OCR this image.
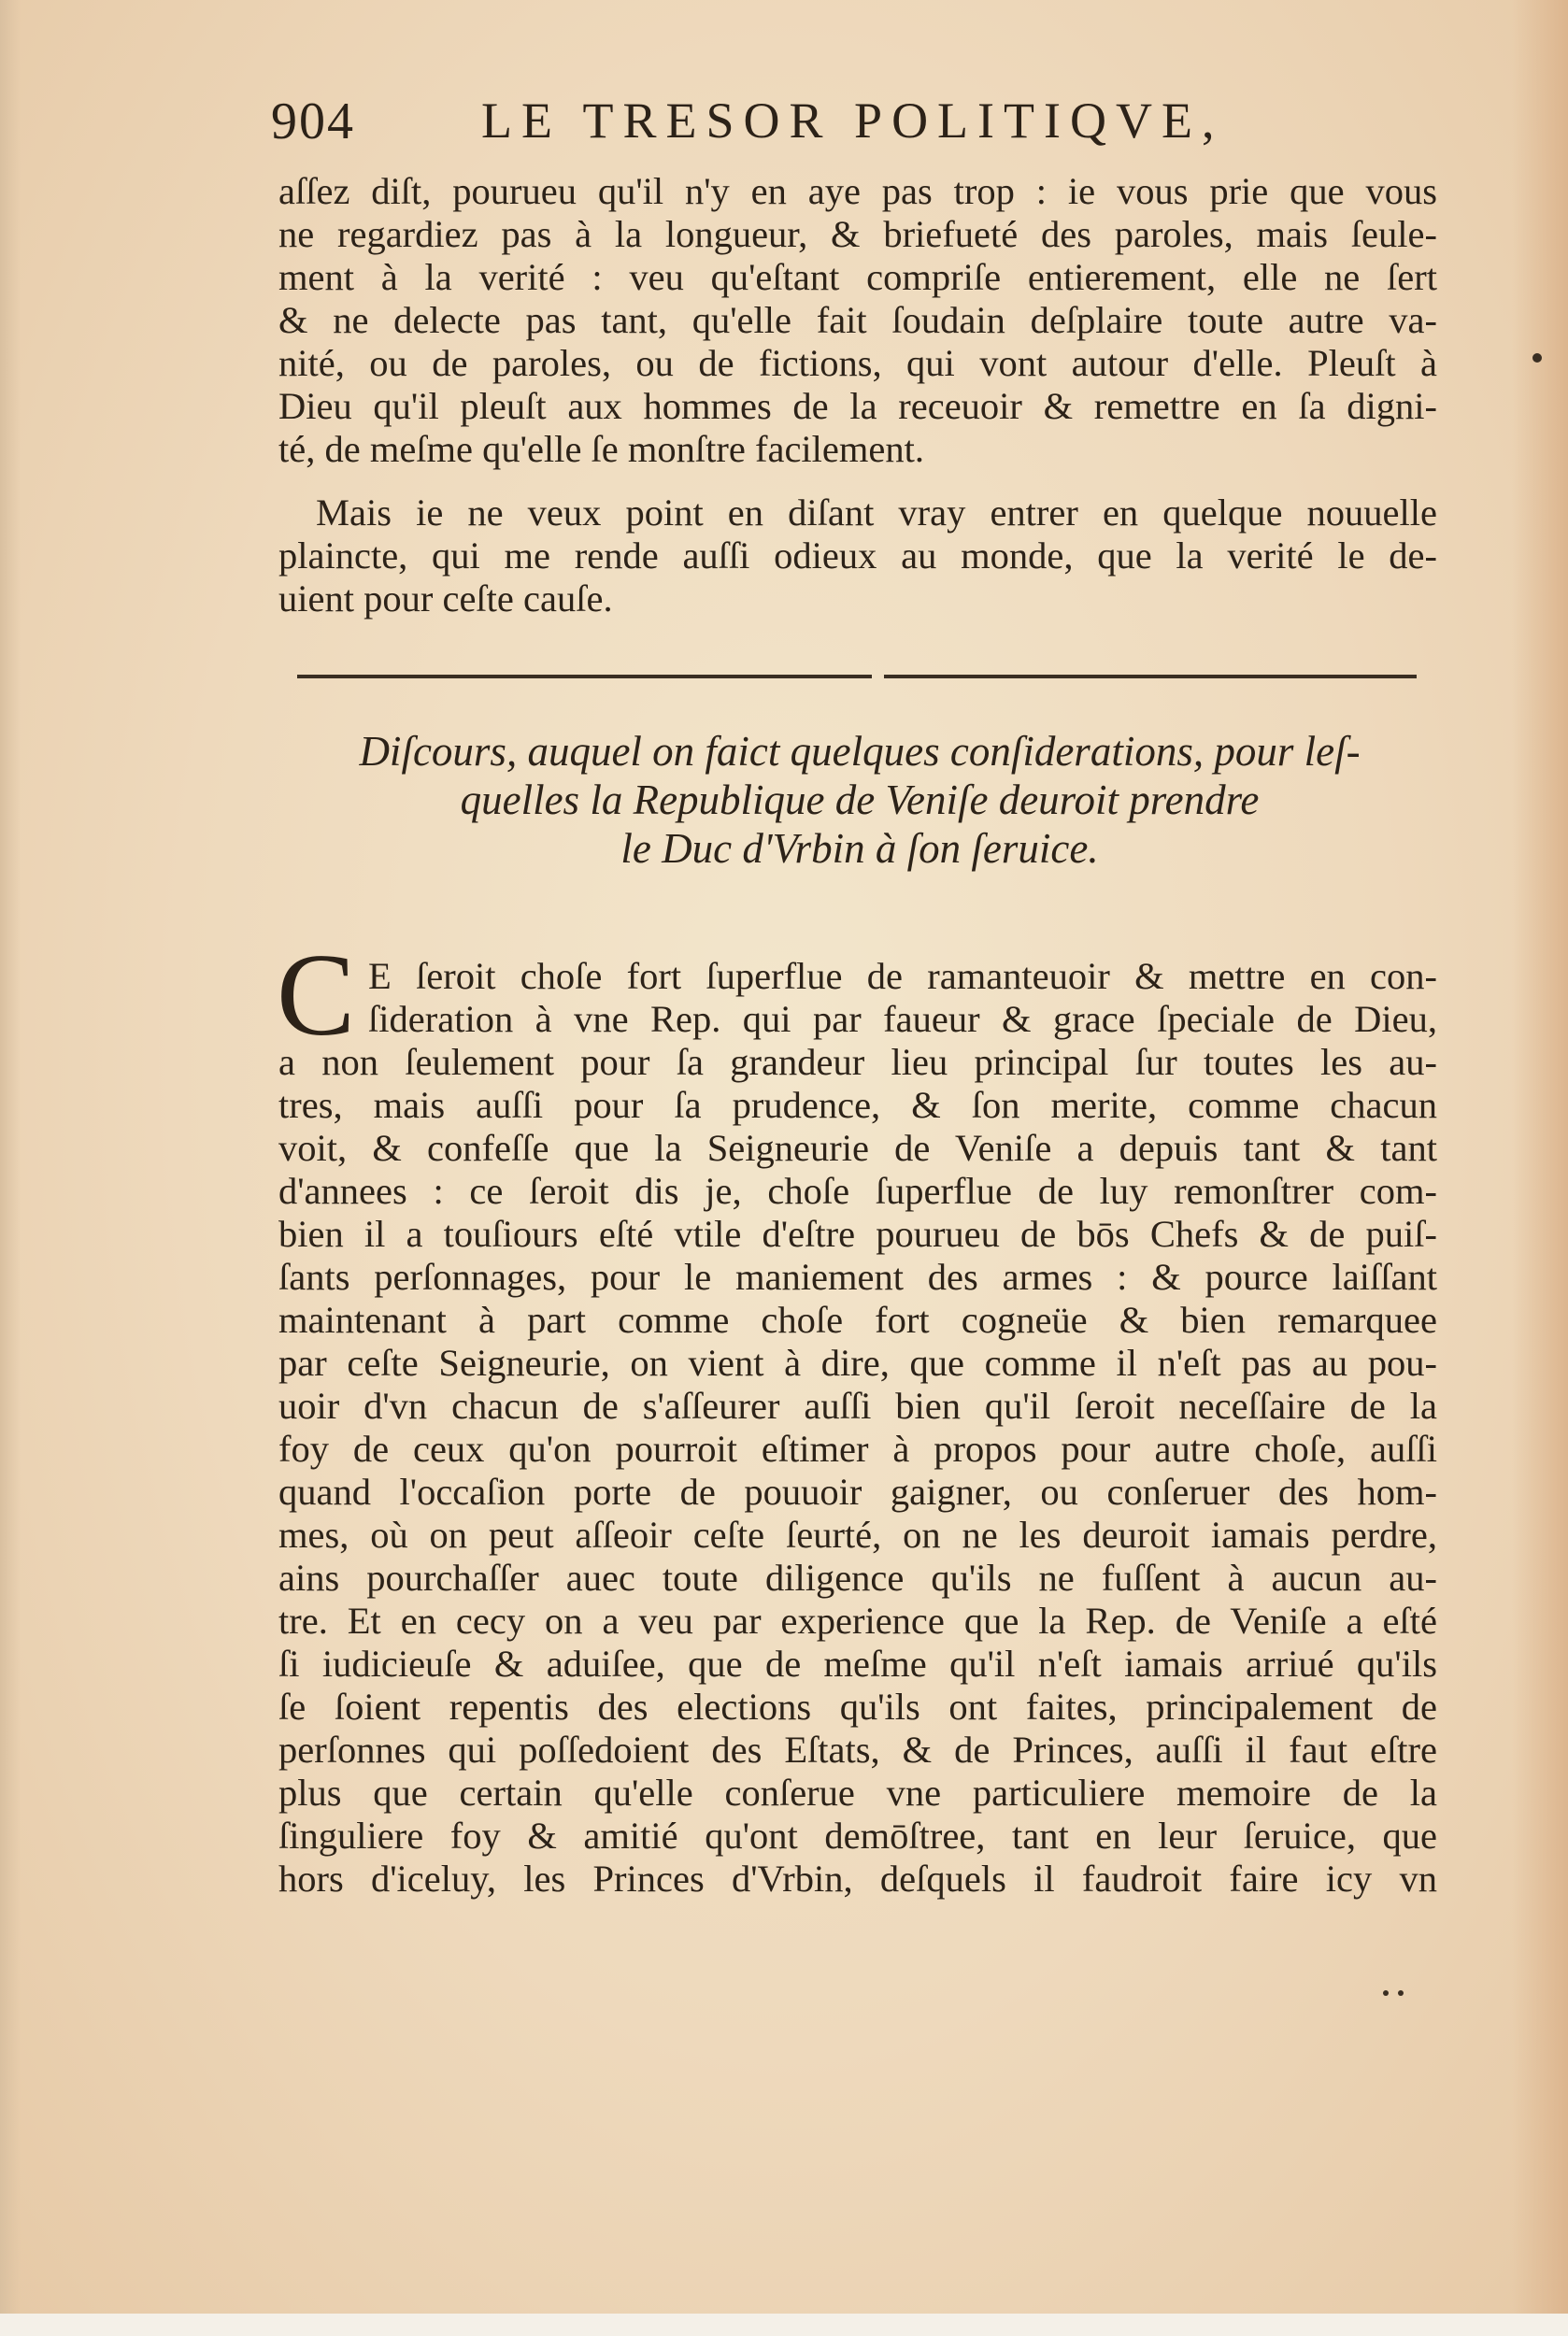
904	LE TRESOR POLITIQVE,
aſſez diſt, pourueu qu'il n'y en aye pas trop : ie vous prie que vous
ne regardiez pas à la longueur, & briefueté des paroles, mais ſeule-
ment à la verité : veu qu'eſtant compriſe entierement, elle ne ſert
& ne delecte pas tant, qu'elle fait ſoudain deſplaire toute autre va-
nité, ou de paroles, ou de fictions, qui vont autour d'elle. Pleuſt à
Dieu qu'il pleuſt aux hommes de la receuoir & remettre en ſa digni-
té, de meſme qu'elle ſe monſtre facilement.
Mais ie ne veux point en diſant vray entrer en quelque nouuelle
plaincte, qui me rende auſſi odieux au monde, que la verité le de-
uient pour ceſte cauſe.
Diſcours, auquel on faict quelques conſiderations, pour leſ-
quelles la Republique de Veniſe deuroit prendre
le Duc d'Vrbin à ſon ſeruice.
C E ſeroit choſe fort ſuperflue de ramanteuoir & mettre en con-
ſideration à vne Rep. qui par faueur & grace ſpeciale de Dieu,
a non ſeulement pour ſa grandeur lieu principal ſur toutes les au-
tres, mais auſſi pour ſa prudence, & ſon merite, comme chacun
voit, & confeſſe que la Seigneurie de Veniſe a depuis tant & tant
d'annees : ce ſeroit dis je, choſe ſuperflue de luy remonſtrer com-
bien il a touſiours eſté vtile d'eſtre pourueu de bōs Chefs & de puiſ-
ſants perſonnages, pour le maniement des armes : & pource laiſſant
maintenant à part comme choſe fort cogneüe & bien remarquee
par ceſte Seigneurie, on vient à dire, que comme il n'eſt pas au pou-
uoir d'vn chacun de s'aſſeurer auſſi bien qu'il ſeroit neceſſaire de la
foy de ceux qu'on pourroit eſtimer à propos pour autre choſe, auſſi
quand l'occaſion porte de pouuoir gaigner, ou conſeruer des hom-
mes, où on peut aſſeoir ceſte ſeurté, on ne les deuroit iamais perdre,
ains pourchaſſer auec toute diligence qu'ils ne fuſſent à aucun au-
tre. Et en cecy on a veu par experience que la Rep. de Veniſe a eſté
ſi iudicieuſe & aduiſee, que de meſme qu'il n'eſt iamais arriué qu'ils
ſe ſoient repentis des elections qu'ils ont faites, principalement de
perſonnes qui poſſedoient des Eſtats, & de Princes, auſſi il faut eſtre
plus que certain qu'elle conſerue vne particuliere memoire de la
ſinguliere foy & amitié qu'ont demōſtree, tant en leur ſeruice, que
hors d'iceluy, les Princes d'Vrbin, deſquels il faudroit faire icy vn
